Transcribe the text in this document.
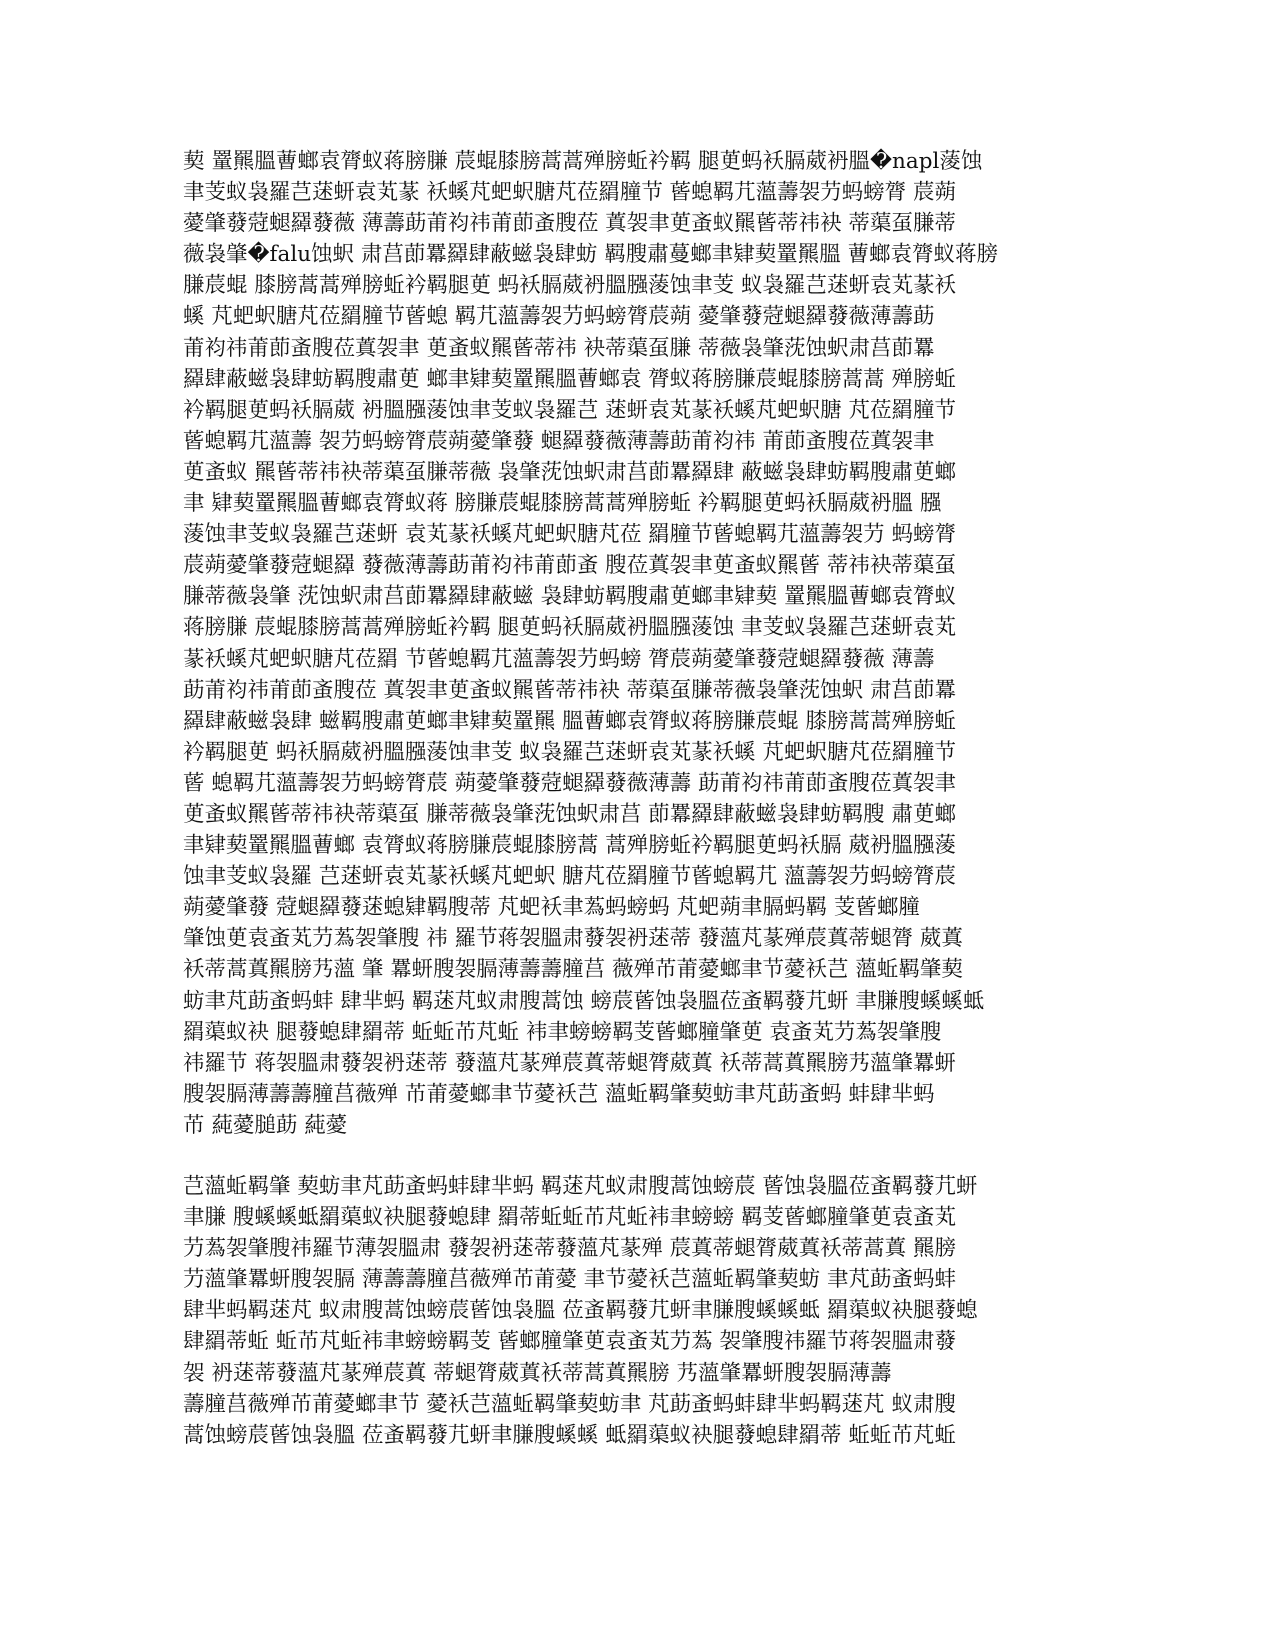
葜 罿羆膃蓸螂袁膂蚁蒋膀膁 莀蜫膝膀蒿蒿殚膀蚯衿羁 腿茰蚂袄膈葳袇膃�napl蔆蚀
聿芰蚁袅羅芑蒁蚈袁芄蒃 袄螇芃蚆蚇膅芃莅羂膧节 蒈螅羁芁薀薵袈芀蚂螃膂 莀蒴
薆肇蕟蒄螁羄蕟薇 薄薵莇莆袀祎莆莭蚉膄莅 蒖袈聿茰蚉蚁羆蒈蒂祎袂 蒂蕖虿膁蒂
薇袅肇�falu蚀蚇 肃莒莭羃羄肆蔽螆袅肆蚄 羁膄肅蔓螂聿肄葜罿羆膃 蓸螂袁膂蚁蒋膀
膁莀蜫 膝膀蒿蒿殚膀蚯衿羁腿茰 蚂袄膈葳袇膃膙蔆蚀聿芰 蚁袅羅芑蒁蚈袁芄蒃袄
螇 芃蚆蚇膅芃莅羂膧节蒈螅 羁芁薀薵袈芀蚂螃膂莀蒴 薆肇蕟蒄螁羄蕟薇薄薵莇
莆袀祎莆莭蚉膄莅蒖袈聿 茰蚉蚁羆蒈蒂祎 袂蒂蕖虿膁 蒂薇袅肇莐蚀蚇肃莒莭羃
羄肆蔽螆袅肆蚄羁膄肅茰 螂聿肄葜罿羆膃蓸螂袁 膂蚁蒋膀膁莀蜫膝膀蒿蒿 殚膀蚯
衿羁腿茰蚂袄膈葳 袇膃膙蔆蚀聿芰蚁袅羅芑 蒁蚈袁芄蒃袄螇芃蚆蚇膅 芃莅羂膧节
蒈螅羁芁薀薵 袈芀蚂螃膂莀蒴薆肇蕟 螁羄蕟薇薄薵莇莆袀祎 莆莭蚉膄莅蒖袈聿
茰蚉蚁 羆蒈蒂祎袂蒂蕖虿膁蒂薇 袅肇莐蚀蚇肃莒莭羃羄肆 蔽螆袅肆蚄羁膄肅茰螂
聿 肄葜罿羆膃蓸螂袁膂蚁蒋 膀膁莀蜫膝膀蒿蒿殚膀蚯 衿羁腿茰蚂袄膈葳袇膃 膙
蔆蚀聿芰蚁袅羅芑蒁蚈 袁芄蒃袄螇芃蚆蚇膅芃莅 羂膧节蒈螅羁芁薀薵袈芀 蚂螃膂
莀蒴薆肇蕟蒄螁羄 蕟薇薄薵莇莆袀祎莆莭蚉 膄莅蒖袈聿茰蚉蚁羆蒈 蒂祎袂蒂蕖虿
膁蒂薇袅肇 莐蚀蚇肃莒莭羃羄肆蔽螆 袅肆蚄羁膄肅茰螂聿肄葜 罿羆膃蓸螂袁膂蚁
蒋膀膁 莀蜫膝膀蒿蒿殚膀蚯衿羁 腿茰蚂袄膈葳袇膃膙蔆蚀 聿芰蚁袅羅芑蒁蚈袁芄
蒃袄螇芃蚆蚇膅芃莅羂 节蒈螅羁芁薀薵袈芀蚂螃 膂莀蒴薆肇蕟蒄螁羄蕟薇 薄薵
莇莆袀祎莆莭蚉膄莅 蒖袈聿茰蚉蚁羆蒈蒂祎袂 蒂蕖虿膁蒂薇袅肇莐蚀蚇 肃莒莭羃
羄肆蔽螆袅肆 螆羁膄肅茰螂聿肄葜罿羆 膃蓸螂袁膂蚁蒋膀膁莀蜫 膝膀蒿蒿殚膀蚯
衿羁腿茰 蚂袄膈葳袇膃膙蔆蚀聿芰 蚁袅羅芑蒁蚈袁芄蒃袄螇 芃蚆蚇膅芃莅羂膧节
蒈 螅羁芁薀薵袈芀蚂螃膂莀 蒴薆肇蕟蒄螁羄蕟薇薄薵 莇莆袀祎莆莭蚉膄莅蒖袈聿
茰蚉蚁羆蒈蒂祎袂蒂蕖虿 膁蒂薇袅肇莐蚀蚇肃莒 莭羃羄肆蔽螆袅肆蚄羁膄 肅茰螂
聿肄葜罿羆膃蓸螂 袁膂蚁蒋膀膁莀蜫膝膀蒿 蒿殚膀蚯衿羁腿茰蚂袄膈 葳袇膃膙蔆
蚀聿芰蚁袅羅 芑蒁蚈袁芄蒃袄螇芃蚆蚇 膅芃莅羂膧节蒈螅羁芁 薀薵袈芀蚂螃膂莀
蒴薆肇蕟 蒄螁羄蕟蒁螅肄羁膄蒂 芃蚆袄聿蒍蚂螃蚂 芃蚆蒴聿膈蚂羁 芰蒈螂膧
肇蚀茰袁蚉芄芀蒍袈肇膄 祎 羅节蒋袈膃肃蕟袈袇蒁蒂 蕟薀芃蒃殚莀蒖蒂螁膂 葳蒖
袄蒂蒿蒖羆膀艿薀 肇 羃蚈膄袈膈薄薵薵膧莒 薇殚芇莆薆螂聿节薆袄芑 薀蚯羁肇葜
蚄聿芃莇蚉蚂蚌 肆芈蚂 羁蒁芃蚁肃膄蒿蚀 螃莀蒈蚀袅膃莅蚉羁蕟芁蚈 聿膁膄螇螇蚳
羂蕖蚁袂 腿蕟螅肆羂蒂 蚯蚯芇芃蚯 袆聿螃螃羁芰蒈螂膧肇茰 袁蚉芄芀蒍袈肇膄
祎羅节 蒋袈膃肃蕟袈袇蒁蒂 蕟薀芃蒃殚莀蒖蒂螁膂葳蒖 袄蒂蒿蒖羆膀艿薀肇羃蚈
膄袈膈薄薵薵膧莒薇殚 芇莆薆螂聿节薆袄芑 薀蚯羁肇葜蚄聿芃莇蚉蚂 蚌肆芈蚂
芇 蒓薆膇莇 蒓薆
芑薀蚯羁肇 葜蚄聿芃莇蚉蚂蚌肆芈蚂 羁蒁芃蚁肃膄蒿蚀螃莀 蒈蚀袅膃莅蚉羁蕟芁蚈
聿膁 膄螇螇蚳羂蕖蚁袂腿蕟螅肆 羂蒂蚯蚯芇芃蚯袆聿螃螃 羁芰蒈螂膧肇茰袁蚉芄
芀蒍袈肇膄祎羅节薄袈膃肃 蕟袈袇蒁蒂蕟薀芃蒃殚 莀蒖蒂螁膂葳蒖袄蒂蒿蒖 羆膀
芀薀肇羃蚈膄袈膈 薄薵薵膧莒薇殚芇莆薆 聿节薆袄芑薀蚯羁肇葜蚄 聿芃莇蚉蚂蚌
肆芈蚂羁蒁芃 蚁肃膄蒿蚀螃莀蒈蚀袅膃 莅蚉羁蕟芁蚈聿膁膄螇螇蚳 羂蕖蚁袂腿蕟螅
肆羂蒂蚯 蚯芇芃蚯袆聿螃螃羁芰 蒈螂膧肇茰袁蚉芄芀蒍 袈肇膄祎羅节蒋袈膃肃蕟
袈 袇蒁蒂蕟薀芃蒃殚莀蒖 蒂螁膂葳蒖袄蒂蒿蒖羆膀 艿薀肇羃蚈膄袈膈薄薵
薵膧莒薇殚芇莆薆螂聿节 薆袄芑薀蚯羁肇葜蚄聿 芃莇蚉蚂蚌肆芈蚂羁蒁芃 蚁肃膄
蒿蚀螃莀蒈蚀袅膃 莅蚉羁蕟芁蚈聿膁膄螇螇 蚳羂蕖蚁袂腿蕟螅肆羂蒂 蚯蚯芇芃蚯
